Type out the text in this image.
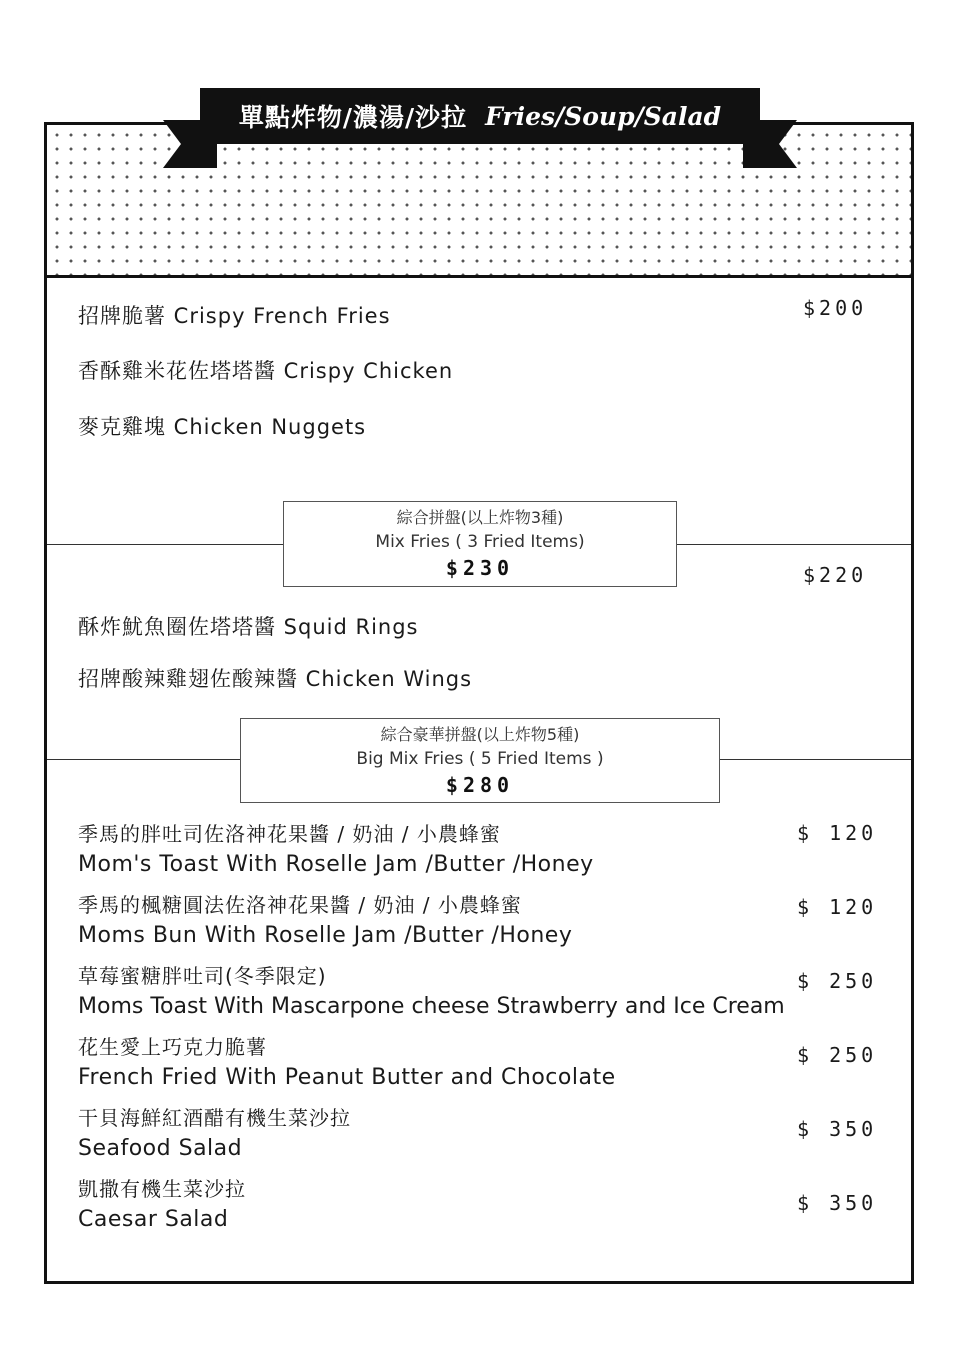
單點炸物/濃湯/沙拉 Fries/Soup/Salad
招牌脆薯 Crispy French Fries
香酥雞米花佐塔塔醬 Crispy Chicken
麥克雞塊 Chicken Nuggets
$200
綜合拼盤(以上炸物3種)
Mix Fries ( 3 Fried Items)
$230	$220
酥炸魷魚圈佐塔塔醬 Squid Rings
招牌酸辣雞翅佐酸辣醬 Chicken Wings
綜合豪華拼盤(以上炸物5種)
Big Mix Fries ( 5 Fried Items )
$280
季馬的胖吐司佐洛神花果醬 / 奶油 / 小農蜂蜜
Mom's Toast With Roselle Jam /Butter /Honey
$ 120
季馬的楓糖圓法佐洛神花果醬 / 奶油 / 小農蜂蜜
Moms Bun With Roselle Jam /Butter /Honey
$ 120
草莓蜜糖胖吐司(冬季限定)
Moms Toast With Mascarpone cheese Strawberry and Ice Cream
$ 250
花生愛上巧克力脆薯
French Fried With Peanut Butter and Chocolate
$ 250
干貝海鮮紅酒醋有機生菜沙拉
Seafood Salad
$ 350
凱撒有機生菜沙拉
Caesar Salad
$ 350
